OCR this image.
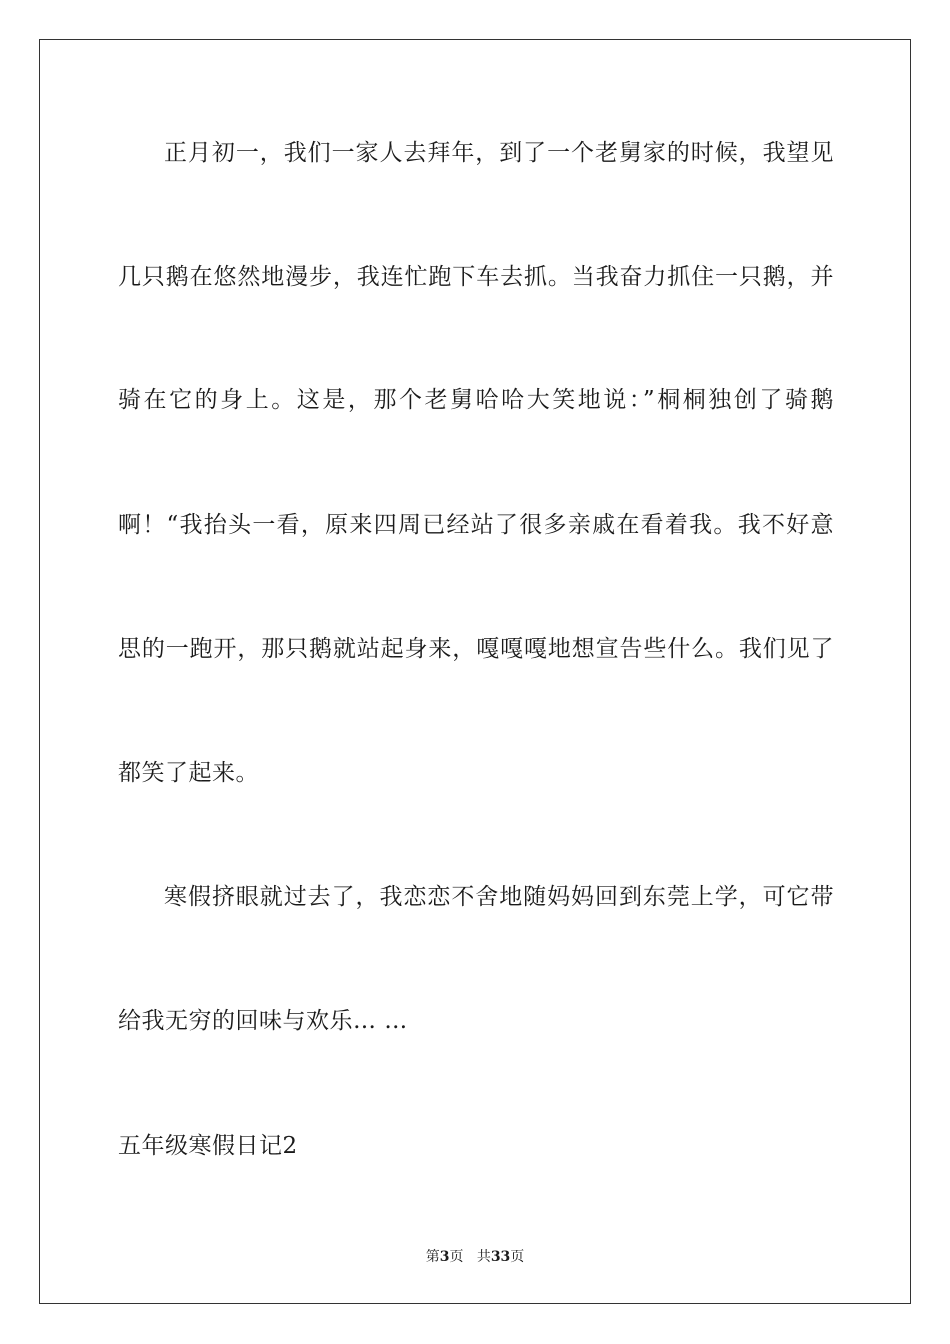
正月初一，我们一家人去拜年，到了一个老舅家的时候，我望见
几只鹅在悠然地漫步，我连忙跑下车去抓。当我奋力抓住一只鹅，并
骑在它的身上。这是，那个老舅哈哈大笑地说：”桐桐独创了骑鹅
啊！“我抬头一看，原来四周已经站了很多亲戚在看着我。我不好意
思的一跑开，那只鹅就站起身来，嘎嘎嘎地想宣告些什么。我们见了
都笑了起来。
寒假挤眼就过去了，我恋恋不舍地随妈妈回到东莞上学，可它带
给我无穷的回味与欢乐… …
五年级寒假日记2
第3页 共33页
